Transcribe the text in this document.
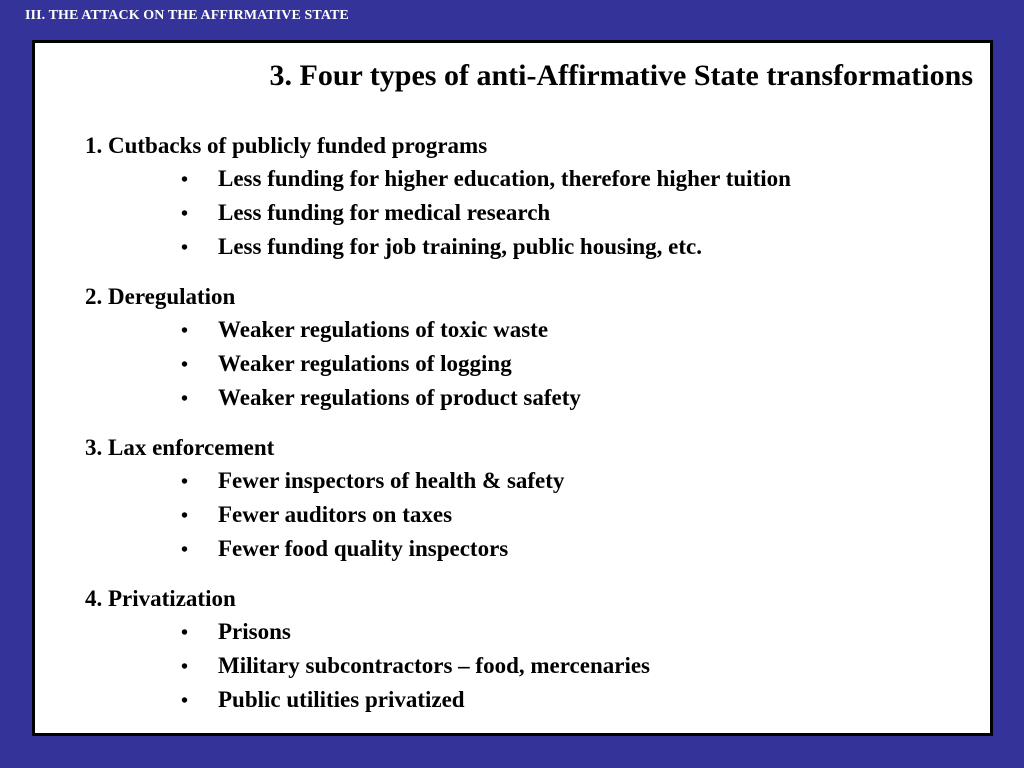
III. THE ATTACK ON THE AFFIRMATIVE STATE
3. Four types of anti-Affirmative State transformations
1. Cutbacks of publicly funded programs
• Less funding for higher education, therefore higher tuition
• Less funding for medical research
• Less funding for job training, public housing, etc.
2. Deregulation
• Weaker regulations of toxic waste
• Weaker regulations of logging
• Weaker regulations of product safety
3. Lax enforcement
• Fewer inspectors of health & safety
• Fewer auditors on taxes
• Fewer food quality inspectors
4. Privatization
• Prisons
• Military subcontractors – food, mercenaries
• Public utilities privatized
